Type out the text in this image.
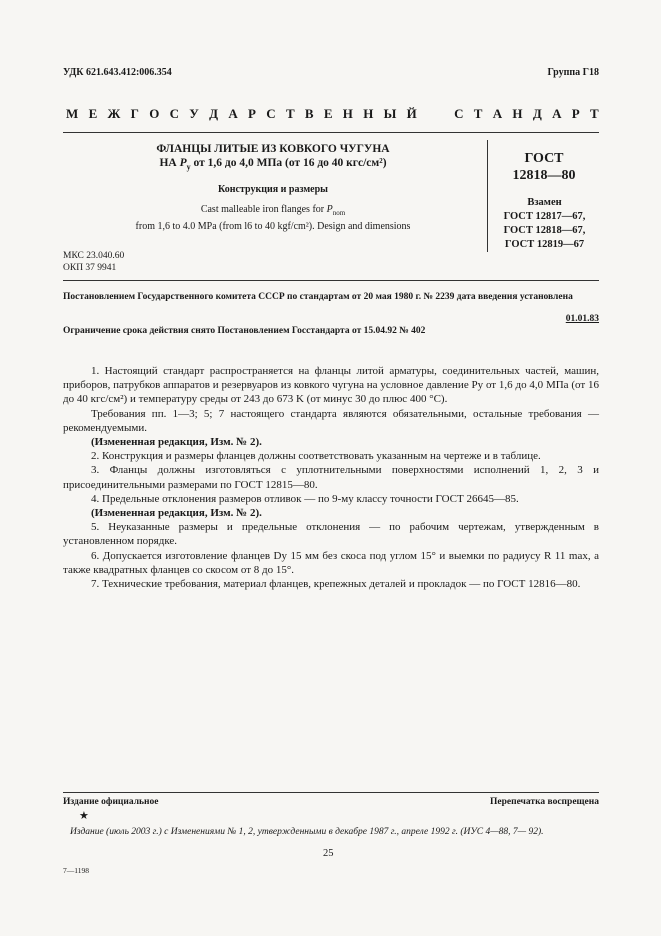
УДК 621.643.412:006.354	Группа Г18
М Е Ж Г О С У Д А Р С Т В Е Н Н Ы Й

	С Т А Н Д А Р Т
ФЛАНЦЫ ЛИТЫЕ ИЗ КОВКОГО ЧУГУНА
НА $P_у$ от 1,6 до 4,0 МПа (от 16 до 40 кгс/см²)
Конструкция и размеры
Cast malleable iron flanges for $P_{nom}$
from 1,6 to 4.0 MPa (from l6 to 40 kgf/cm²). Design and dimensions
ГОСТ
12818—80
Взамен
ГОСТ 12817—67,
ГОСТ 12818—67,
ГОСТ 12819—67
МКС 23.040.60
ОКП 37 9941
Постановлением Государственного комитета СССР по стандартам от 20 мая 1980 г. № 2239 дата введения установлена
01.01.83
Ограничение срока действия снято Постановлением Госстандарта от 15.04.92 № 402

1. Настоящий стандарт распространяется на фланцы литой арматуры, соединительных частей, машин, приборов, патрубков аппаратов и резервуаров из ковкого чугуна на условное давление Pу от 1,6 до 4,0 МПа (от 16 до 40 кгс/см²) и температуру среды от 243 до 673 K (от минус 30 до плюс 400 °С).

Требования пп. 1—3; 5; 7 настоящего стандарта являются обязательными, остальные требования — рекомендуемыми.

(Измененная редакция, Изм. № 2).

2. Конструкция и размеры фланцев должны соответствовать указанным на чертеже и в таблице.

3. Фланцы должны изготовляться с уплотнительными поверхностями исполнений 1, 2, 3 и присоединительными размерами по ГОСТ 12815—80.

4. Предельные отклонения размеров отливок — по 9-му классу точности ГОСТ 26645—85.

(Измененная редакция, Изм. № 2).

5. Неуказанные размеры и предельные отклонения — по рабочим чертежам, утвержденным в установленном порядке.

6. Допускается изготовление фланцев Dу 15 мм без скоса под углом 15° и выемки по радиусу R 11 max, а также квадратных фланцев со скосом от 8 до 15°.

7. Технические требования, материал фланцев, крепежных деталей и прокладок — по ГОСТ 12816—80.

Издание официальное	Перепечатка воспрещена
★
Издание (июль 2003 г.) с Изменениями № 1, 2, утвержденными в декабре 1987 г., апреле 1992 г. (ИУС 4—88, 7— 92).
25
7—1198
